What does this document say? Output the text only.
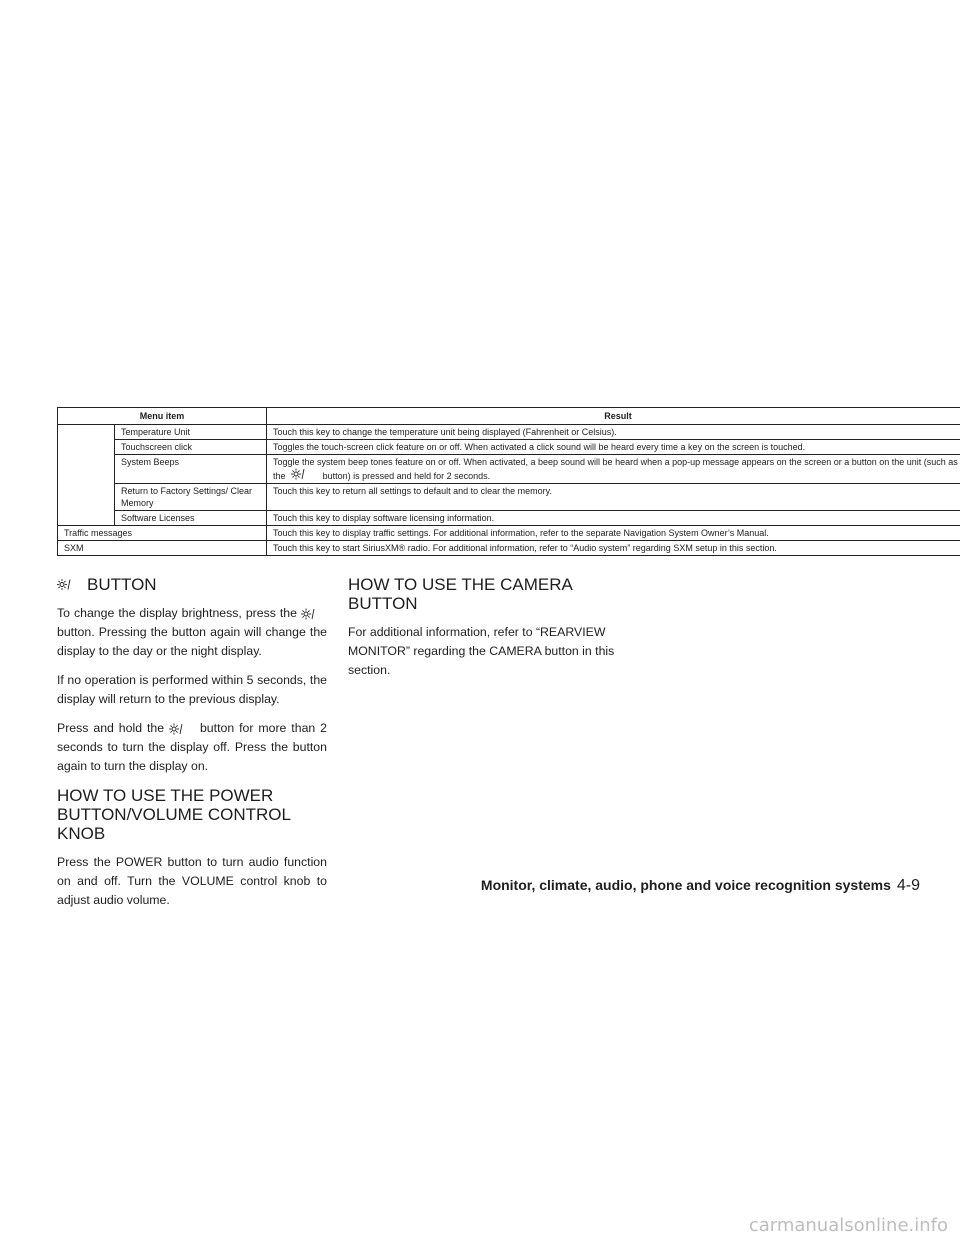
Menu item		Result
	Temperature Unit	Touch this key to change the temperature unit being displayed (Fahrenheit or Celsius).
	Touchscreen click	Toggles the touch-screen click feature on or off. When activated a click sound will be heard every time a key on the screen is touched.
	System Beeps	Toggle the system beep tones feature on or off. When activated, a beep sound will be heard when a pop-up message appears on the screen or a button on the unit (such as the button) is pressed and held for 2 seconds.
	Return to Factory Settings/ Clear Memory	Touch this key to return all settings to default and to clear the memory.
	Software Licenses	Touch this key to display software licensing information.
Traffic messages		Touch this key to display traffic settings. For additional information, refer to the separate Navigation System Owner’s Manual.
SXM		Touch this key to start SiriusXM® radio. For additional information, refer to “Audio system” regarding SXM setup in this section.
BUTTON

To change the display brightness, press the
button. Pressing the button again will change the display to the day or the night display.

If no operation is performed within 5 seconds, the display will return to the previous display.

Press and hold the	button for more than 2 seconds to turn the display off. Press the button again to turn the display on.

HOW TO USE THE POWER BUTTON/VOLUME CONTROL KNOB

Press the POWER button to turn audio function on and off. Turn the VOLUME control knob to adjust audio volume.

HOW TO USE THE CAMERA BUTTON

For additional information, refer to “REARVIEW MONITOR” regarding the CAMERA button in this section.

Monitor, climate, audio, phone and voice recognition systems 4-9
carmanualsonline.info
